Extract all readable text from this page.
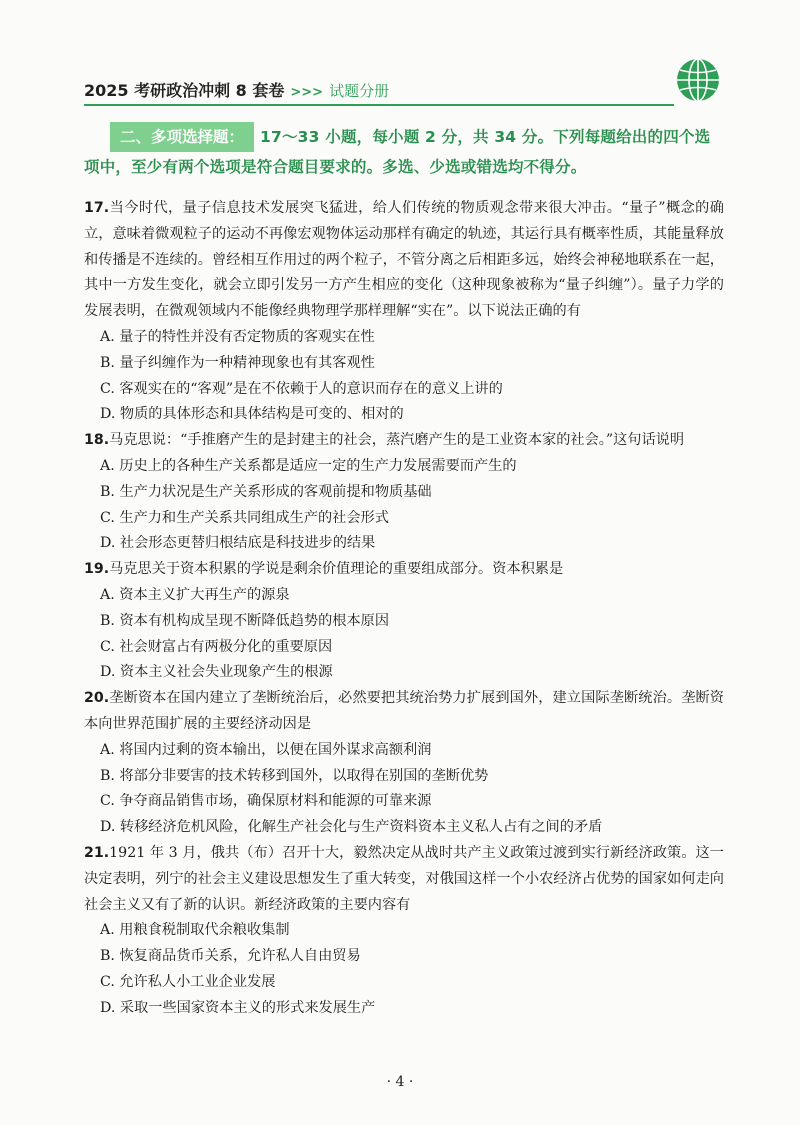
2025 考研政治冲刺 8 套卷 >>> 试题分册
二、多项选择题： 17～33 小题，每小题 2 分，共 34 分。下列每题给出的四个选项中，至少有两个选项是符合题目要求的。多选、少选或错选均不得分。
17.当今时代，量子信息技术发展突飞猛进，给人们传统的物质观念带来很大冲击。“量子”概念的确立，意味着微观粒子的运动不再像宏观物体运动那样有确定的轨迹，其运行具有概率性质，其能量释放和传播是不连续的。曾经相互作用过的两个粒子，不管分离之后相距多远，始终会神秘地联系在一起，其中一方发生变化，就会立即引发另一方产生相应的变化（这种现象被称为“量子纠缠”）。量子力学的发展表明，在微观领域内不能像经典物理学那样理解“实在”。以下说法正确的有
A. 量子的特性并没有否定物质的客观实在性
B. 量子纠缠作为一种精神现象也有其客观性
C. 客观实在的“客观”是在不依赖于人的意识而存在的意义上讲的
D. 物质的具体形态和具体结构是可变的、相对的
18.马克思说：“手推磨产生的是封建主的社会，蒸汽磨产生的是工业资本家的社会。”这句话说明
A. 历史上的各种生产关系都是适应一定的生产力发展需要而产生的
B. 生产力状况是生产关系形成的客观前提和物质基础
C. 生产力和生产关系共同组成生产的社会形式
D. 社会形态更替归根结底是科技进步的结果
19.马克思关于资本积累的学说是剩余价值理论的重要组成部分。资本积累是
A. 资本主义扩大再生产的源泉
B. 资本有机构成呈现不断降低趋势的根本原因
C. 社会财富占有两极分化的重要原因
D. 资本主义社会失业现象产生的根源
20.垄断资本在国内建立了垄断统治后，必然要把其统治势力扩展到国外，建立国际垄断统治。垄断资本向世界范围扩展的主要经济动因是
A. 将国内过剩的资本输出，以便在国外谋求高额利润
B. 将部分非要害的技术转移到国外，以取得在别国的垄断优势
C. 争夺商品销售市场，确保原材料和能源的可靠来源
D. 转移经济危机风险，化解生产社会化与生产资料资本主义私人占有之间的矛盾
21.1921 年 3 月，俄共（布）召开十大，毅然决定从战时共产主义政策过渡到实行新经济政策。这一决定表明，列宁的社会主义建设思想发生了重大转变，对俄国这样一个小农经济占优势的国家如何走向社会主义又有了新的认识。新经济政策的主要内容有
A. 用粮食税制取代余粮收集制
B. 恢复商品货币关系，允许私人自由贸易
C. 允许私人小工业企业发展
D. 采取一些国家资本主义的形式来发展生产
· 4 ·
